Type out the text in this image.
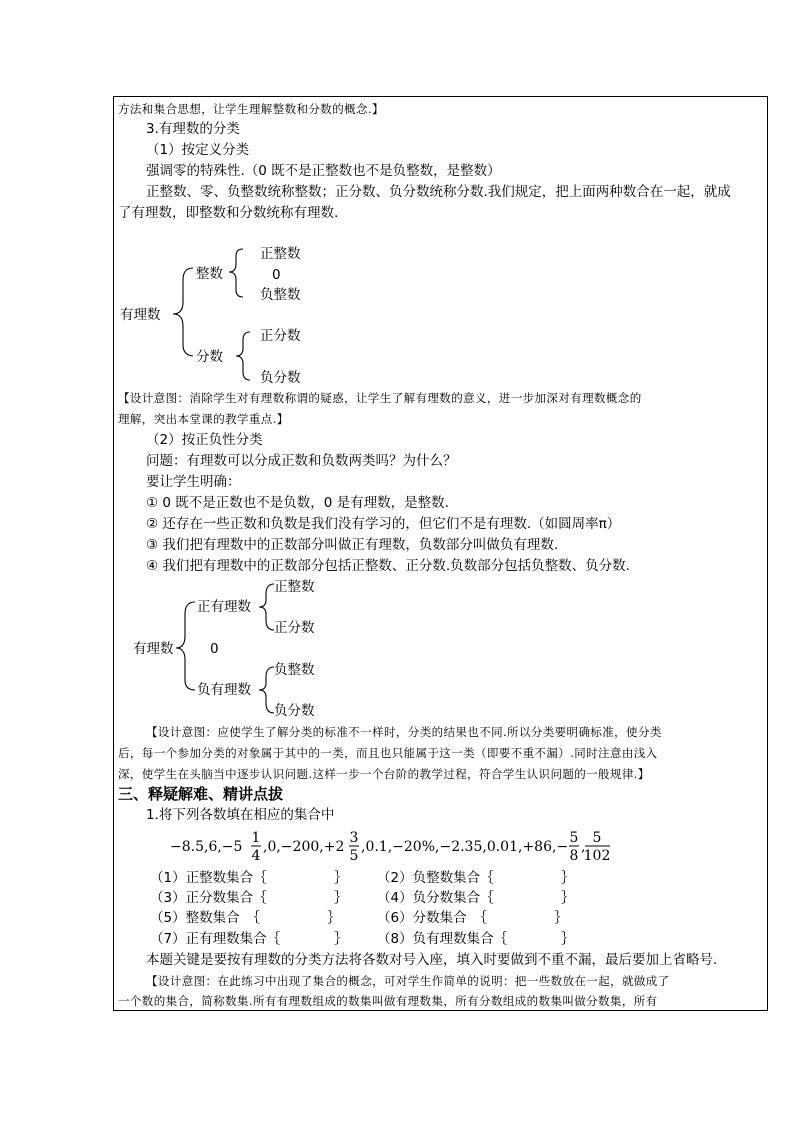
方法和集合思想，让学生理解整数和分数的概念.】
3.有理数的分类
（1）按定义分类
强调零的特殊性.（0 既不是正整数也不是负整数，是整数）
正整数、零、负整数统称整数；正分数、负分数统称分数.我们规定，把上面两种数合在一起，就成
了有理数，即整数和分数统称有理数.
有理数
整数
正整数
0
负整数
分数
正分数
负分数
【设计意图：消除学生对有理数称谓的疑惑，让学生了解有理数的意义，进一步加深对有理数概念的
理解，突出本堂课的教学重点.】
（2）按正负性分类
问题：有理数可以分成正数和负数两类吗？为什么？
要让学生明确：
① 0 既不是正数也不是负数，0 是有理数，是整数.
② 还存在一些正数和负数是我们没有学习的，但它们不是有理数.（如圆周率π）
③ 我们把有理数中的正数部分叫做正有理数，负数部分叫做负有理数.
④ 我们把有理数中的正数部分包括正整数、正分数.负数部分包括负整数、负分数.
有理数
正有理数
正整数
正分数
0
负有理数
负整数
负分数
【设计意图：应使学生了解分类的标准不一样时，分类的结果也不同.所以分类要明确标准，使分类
后，每一个参加分类的对象属于其中的一类，而且也只能属于这一类（即要不重不漏）.同时注意由浅入
深，使学生在头脑当中逐步认识问题.这样一步一个台阶的教学过程，符合学生认识问题的一般规律.】
三、释疑解难、精讲点拔
1.将下列各数填在相应的集合中
−8.5,6,−5
1
4
,0,−200,+2
3
5
,0.1,−20%,−2.35,0.01,+86,−
5
8
,
5
102
（1）正整数集合｛　　　　　｝ （2）负整数集合｛　　　　　｝
（3）正分数集合｛　　　　　｝ （4）负分数集合｛　　　　　｝
（5）整数集合　｛　　　　　｝	（6）分数集合　｛　　　　　｝
（7）正有理数集合｛　　　　｝ （8）负有理数集合｛　　　　｝
本题关键是要按有理数的分类方法将各数对号入座，填入时要做到不重不漏，最后要加上省略号.
【设计意图：在此练习中出现了集合的概念，可对学生作简单的说明：把一些数放在一起，就做成了
一个数的集合，简称数集.所有有理数组成的数集叫做有理数集，所有分数组成的数集叫做分数集，所有
